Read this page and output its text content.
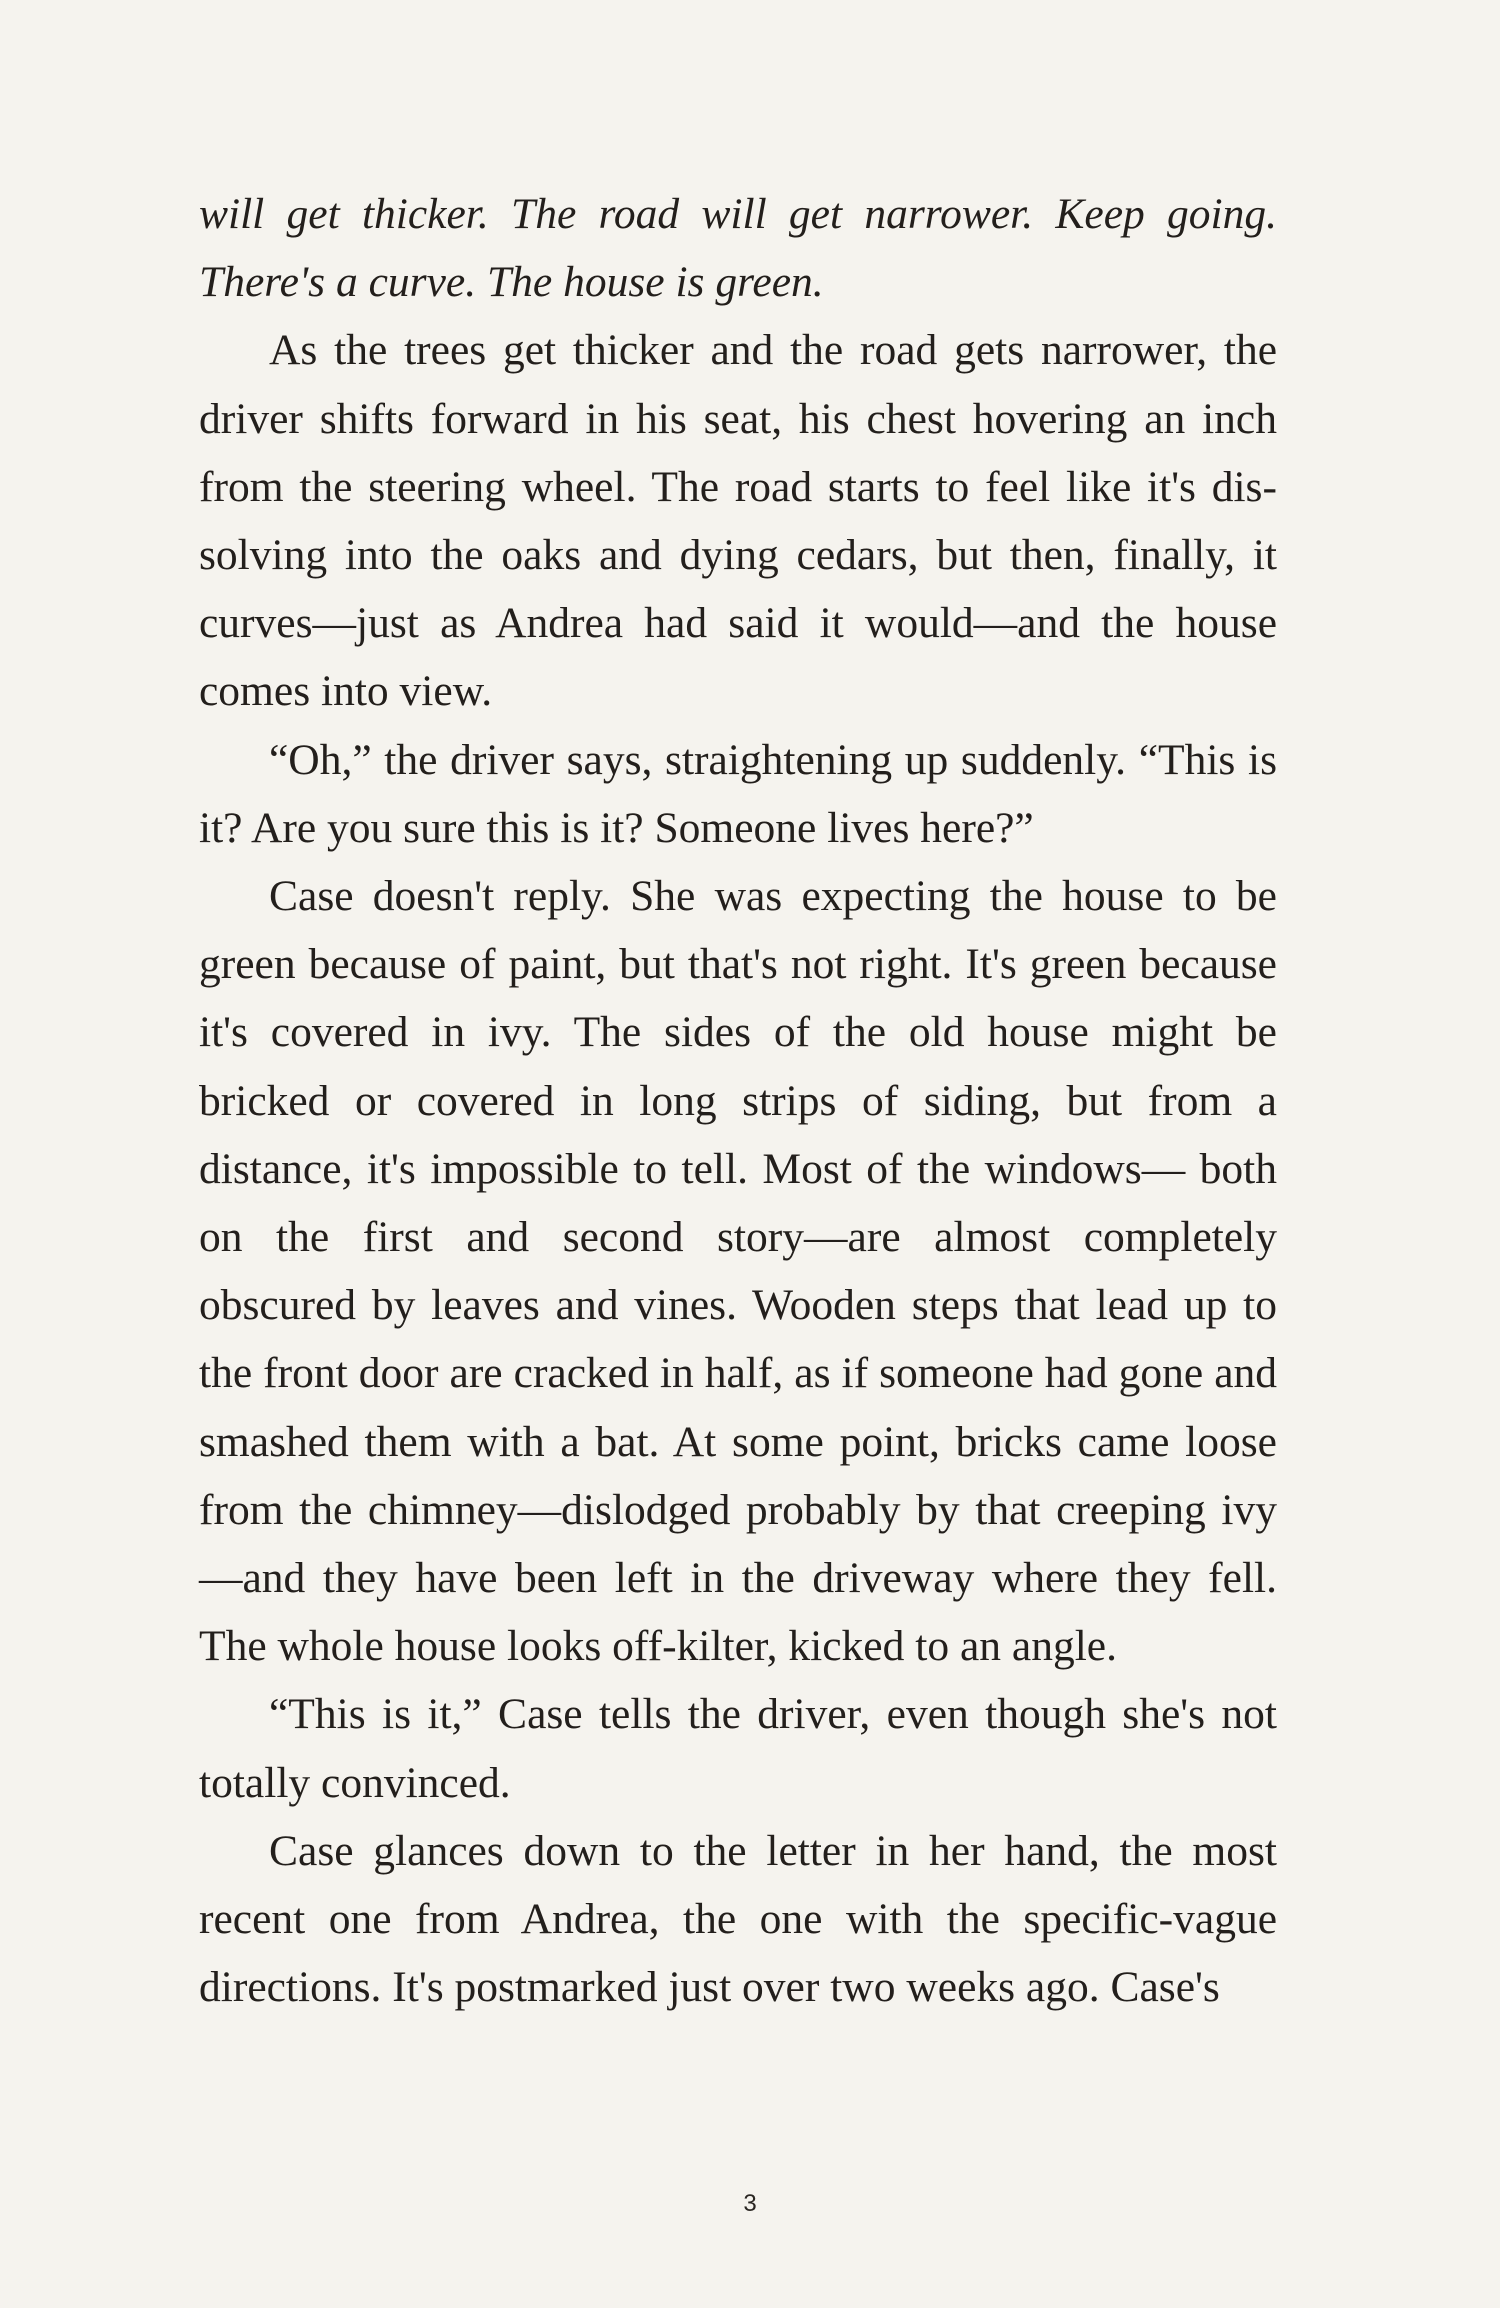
will get thicker. The road will get narrower. Keep going. There's a curve. The house is green.

As the trees get thicker and the road gets narrower, the driver shifts forward in his seat, his chest hovering an inch from the steering wheel. The road starts to feel like it's dissolving into the oaks and dying cedars, but then, finally, it curves—just as Andrea had said it would—and the house comes into view.

“Oh,” the driver says, straightening up suddenly. “This is it? Are you sure this is it? Someone lives here?”

Case doesn't reply. She was expecting the house to be green because of paint, but that's not right. It's green because it's covered in ivy. The sides of the old house might be bricked or covered in long strips of siding, but from a distance, it's impossible to tell. Most of the windows— both on the first and second story—are almost completely obscured by leaves and vines. Wooden steps that lead up to the front door are cracked in half, as if someone had gone and smashed them with a bat. At some point, bricks came loose from the chimney—dislodged probably by that creeping ivy—and they have been left in the driveway where they fell. The whole house looks off-kilter, kicked to an angle.

“This is it,” Case tells the driver, even though she's not totally convinced.

Case glances down to the letter in her hand, the most recent one from Andrea, the one with the specific-vague directions. It's postmarked just over two weeks ago. Case's

3
